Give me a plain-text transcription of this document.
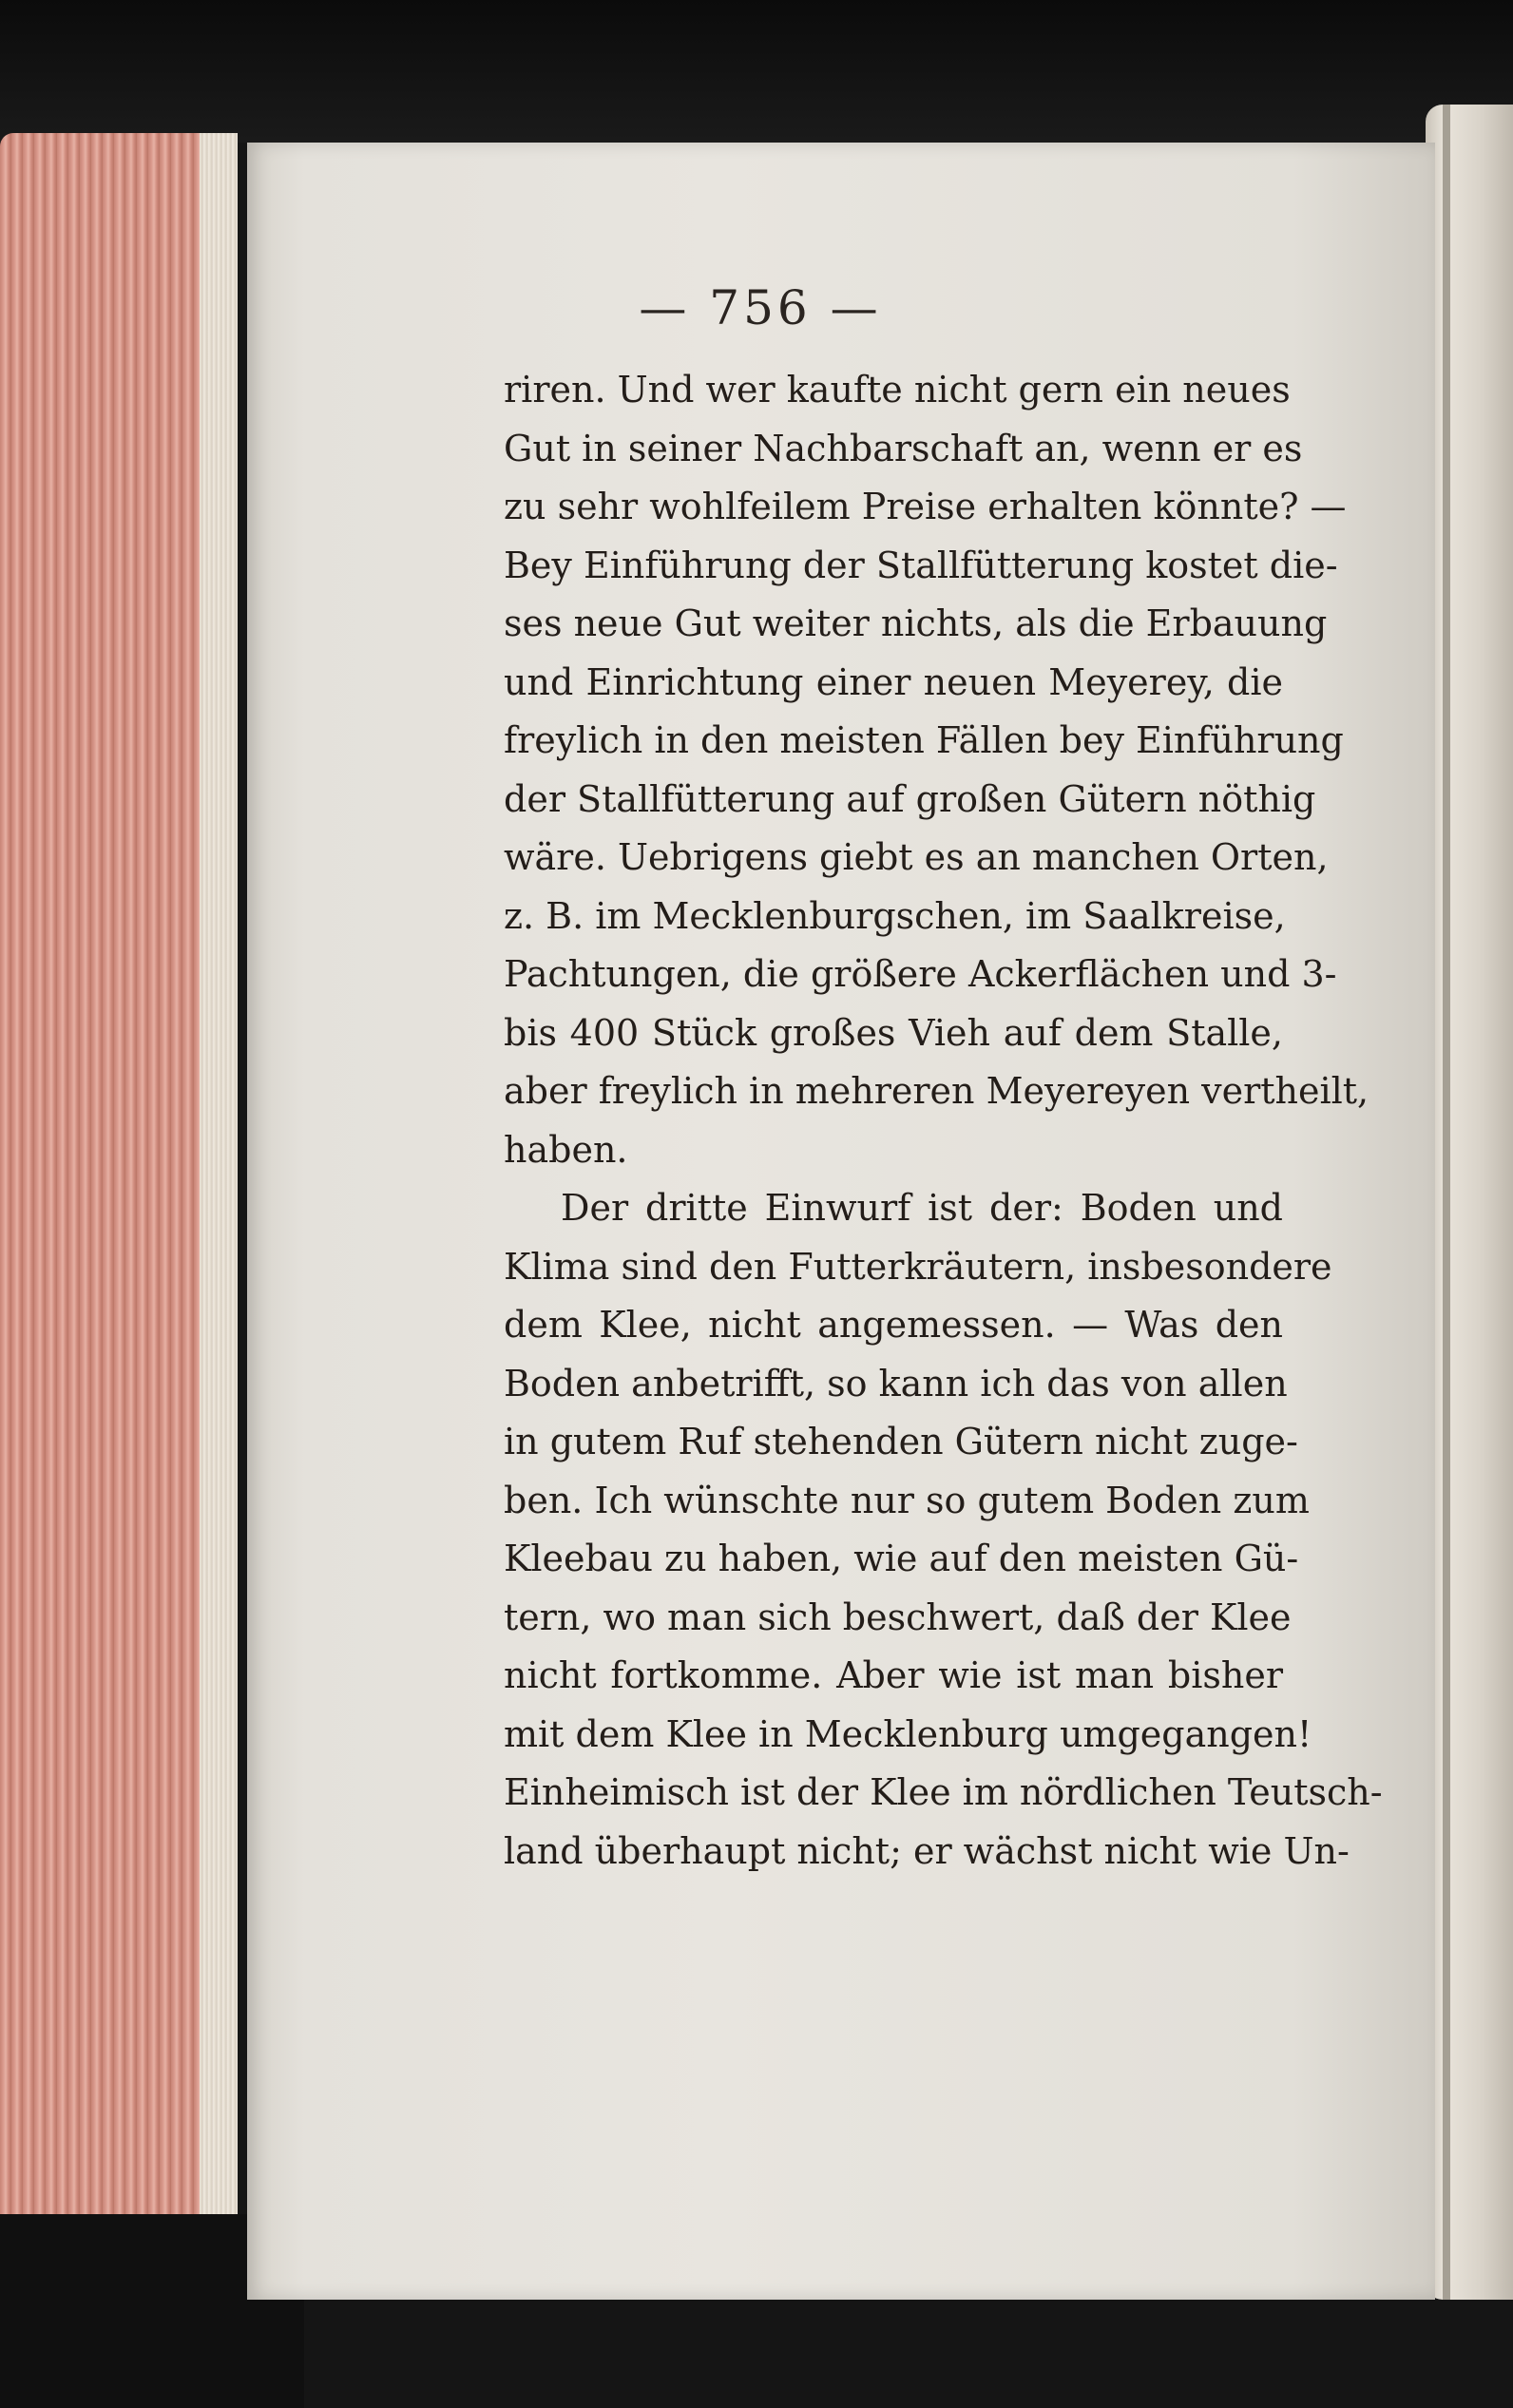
— 756 —
riren. Und wer kaufte nicht gern ein neues
Gut in seiner Nachbarschaft an, wenn er es
zu sehr wohlfeilem Preise erhalten könnte? —
Bey Einführung der Stallfütterung kostet die-
ses neue Gut weiter nichts, als die Erbauung
und Einrichtung einer neuen Meyerey, die
freylich in den meisten Fällen bey Einführung
der Stallfütterung auf großen Gütern nöthig
wäre. Uebrigens giebt es an manchen Orten,
z. B. im Mecklenburgschen, im Saalkreise,
Pachtungen, die größere Ackerflächen und 3-
bis 400 Stück großes Vieh auf dem Stalle,
aber freylich in mehreren Meyereyen vertheilt,
haben.
Der dritte Einwurf ist der: Boden und
Klima sind den Futterkräutern, insbesondere
dem Klee, nicht angemessen. — Was den
Boden anbetrifft, so kann ich das von allen
in gutem Ruf stehenden Gütern nicht zuge-
ben. Ich wünschte nur so gutem Boden zum
Kleebau zu haben, wie auf den meisten Gü-
tern, wo man sich beschwert, daß der Klee
nicht fortkomme. Aber wie ist man bisher
mit dem Klee in Mecklenburg umgegangen!
Einheimisch ist der Klee im nördlichen Teutsch-
land überhaupt nicht; er wächst nicht wie Un-
